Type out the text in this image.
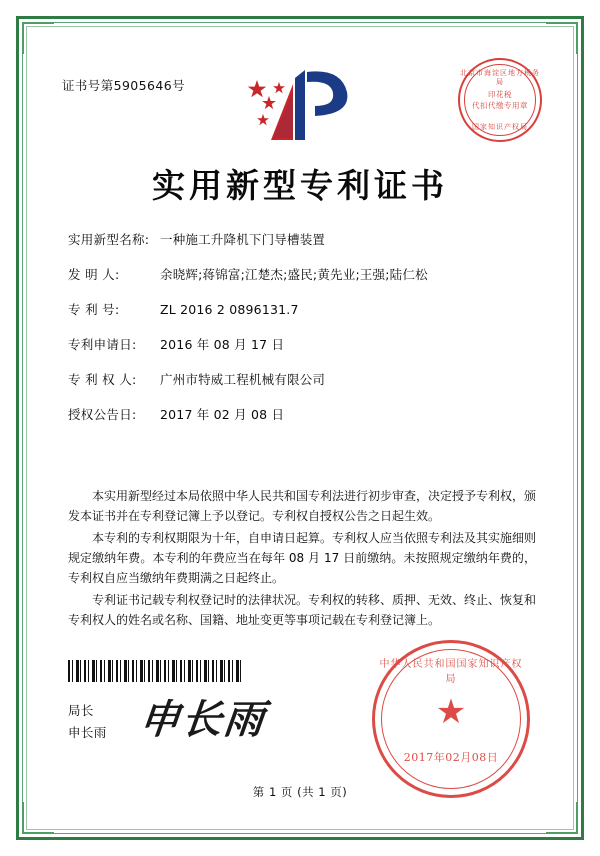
证书号第5905646号
北京市海淀区地方税务局
印花税
代扣代缴专用章
国家知识产权局
实用新型专利证书
实用新型名称: 一种施工升降机下门导槽装置
发 明 人:	余晓辉;蒋锦富;江楚杰;盛民;黄先业;王强;陆仁松
专 利 号:	ZL 2016 2 0896131.7
专利申请日:	2016 年 08 月 17 日
专 利 权 人:	广州市特威工程机械有限公司
授权公告日:	2017 年 02 月 08 日

本实用新型经过本局依照中华人民共和国专利法进行初步审查，决定授予专利权，颁发本证书并在专利登记簿上予以登记。专利权自授权公告之日起生效。

本专利的专利权期限为十年，自申请日起算。专利权人应当依照专利法及其实施细则规定缴纳年费。本专利的年费应当在每年 08 月 17 日前缴纳。未按照规定缴纳年费的，专利权自应当缴纳年费期满之日起终止。

专利证书记载专利权登记时的法律状况。专利权的转移、质押、无效、终止、恢复和专利权人的姓名或名称、国籍、地址变更等事项记载在专利登记簿上。

局长
申长雨 申长雨
中华人民共和国国家知识产权局
★
2017年02月08日
第 1 页 (共 1 页)
